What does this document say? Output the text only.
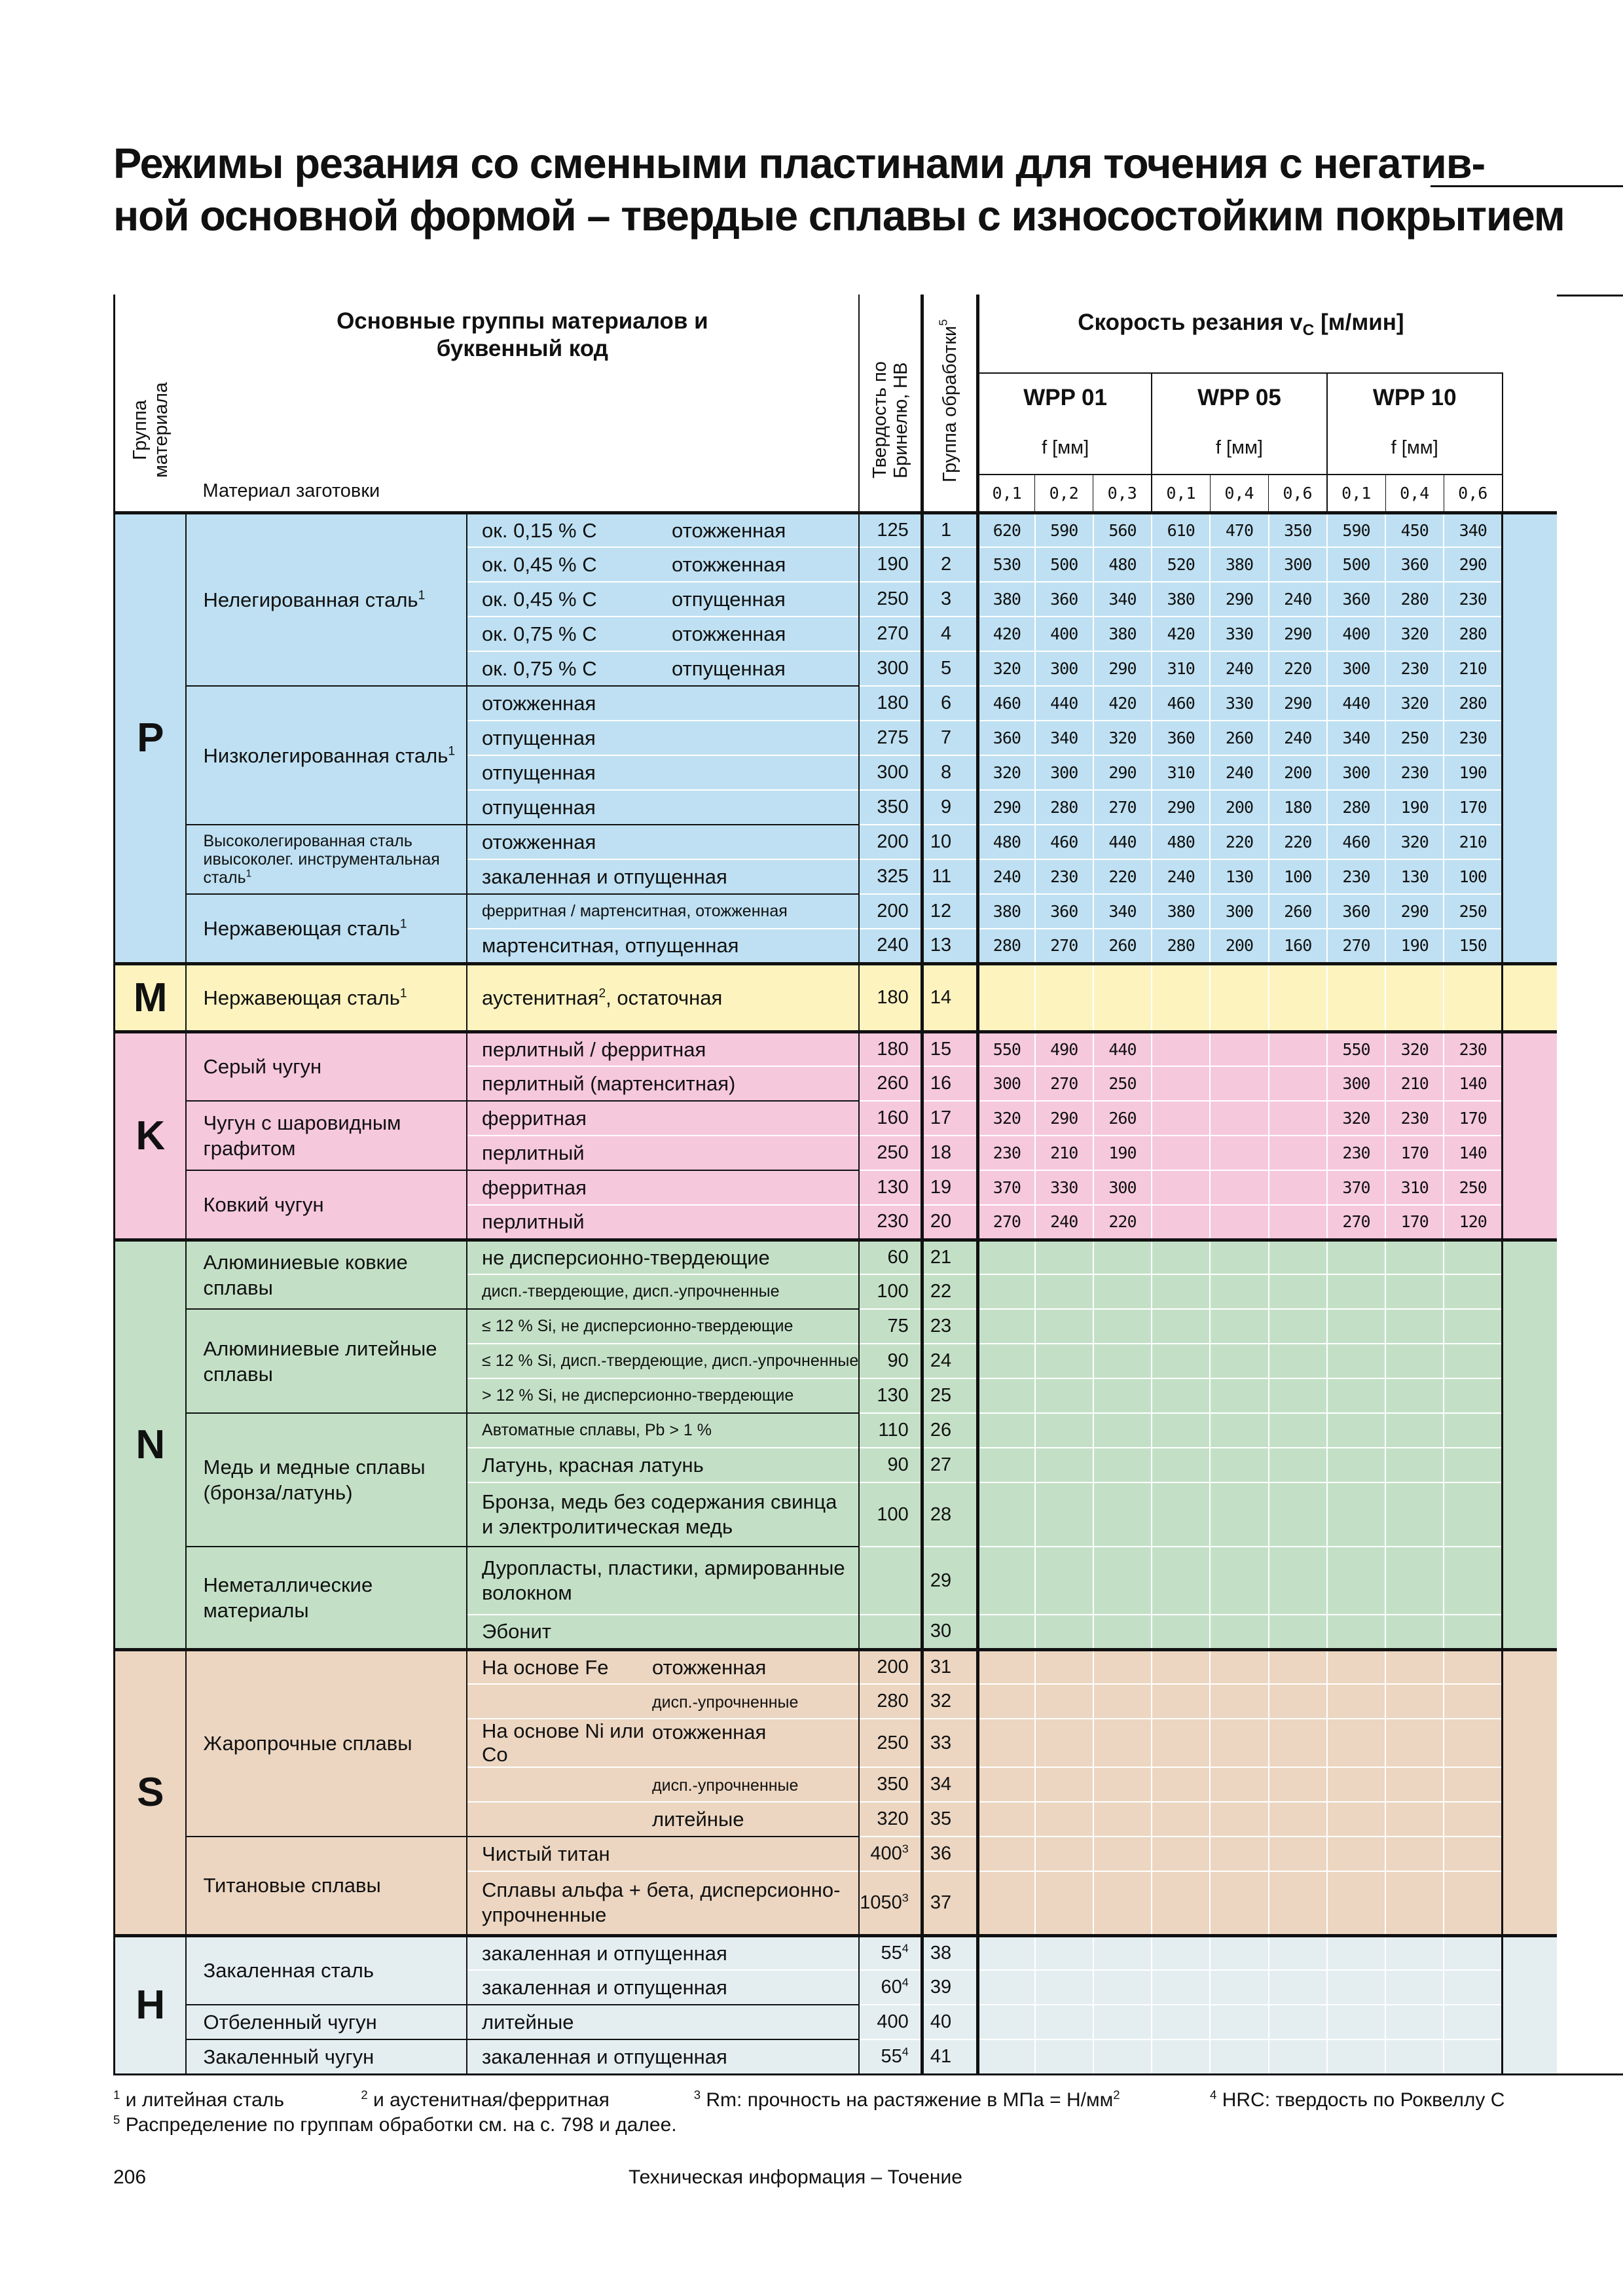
Режимы резания со сменными пластинами для точения с негатив-
ной основной формой – твердые сплавы с износостойким покрытием
Группа материала	Основные группы материалов и буквенный код		Твердость по Бринелю, HB	Группа обработки$^5$	Скорость резания $v_C$ [м/мин]									
	Материал заготовки				WPP 01			WPP 05			WPP 10			
					f [мм]			f [мм]			f [мм]			
					0,1	0,2	0,3	0,1	0,4	0,6	0,1	0,4	0,6	
P	Нелегированная сталь$^1$	ок. 0,15 % C отожженная	125	1	620	590	560	610	470	350	590	450	340	
		ок. 0,45 % C отожженная	190	2	530	500	480	520	380	300	500	360	290	
		ок. 0,45 % C отпущенная	250	3	380	360	340	380	290	240	360	280	230	
		ок. 0,75 % C отожженная	270	4	420	400	380	420	330	290	400	320	280	
		ок. 0,75 % C отпущенная	300	5	320	300	290	310	240	220	300	230	210	
	Низколегированная сталь$^1$	отожженная	180	6	460	440	420	460	330	290	440	320	280	
		отпущенная	275	7	360	340	320	360	260	240	340	250	230	
		отпущенная	300	8	320	300	290	310	240	200	300	230	190	
		отпущенная	350	9	290	280	270	290	200	180	280	190	170	
	Высоколегированная сталь ивысоколег. инструментальная сталь$^1$	отожженная	200	10	480	460	440	480	220	220	460	320	210	
		закаленная и отпущенная	325	11	240	230	220	240	130	100	230	130	100	
	Нержавеющая сталь$^1$	ферритная / мартенситная, отожженная	200	12	380	360	340	380	300	260	360	290	250	
		мартенситная, отпущенная	240	13	280	270	260	280	200	160	270	190	150	
M	Нержавеющая сталь$^1$	аустенитная$^2$, остаточная	180	14										
K	Серый чугун	перлитный / ферритная	180	15	550	490	440				550	320	230	
		перлитный (мартенситная)	260	16	300	270	250				300	210	140	
	Чугун с шаровидным графитом	ферритная	160	17	320	290	260				320	230	170	
		перлитный	250	18	230	210	190				230	170	140	
	Ковкий чугун	ферритная	130	19	370	330	300				370	310	250	
		перлитный	230	20	270	240	220				270	170	120	
N	Алюминиевые ковкие сплавы	не дисперсионно-твердеющие	60	21										
		дисп.-твердеющие, дисп.-упрочненные	100	22										
	Алюминиевые литейные сплавы	≤ 12 % Si, не дисперсионно-твердеющие	75	23										
		≤ 12 % Si, дисп.-твердеющие, дисп.-упрочненные	90	24										
		> 12 % Si, не дисперсионно-твердеющие	130	25										
	Медь и медные сплавы (бронза/латунь)	Автоматные сплавы, Pb > 1 %	110	26										
		Латунь, красная латунь	90	27										
		Бронза, медь без содержания свинца и электролитическая медь	100	28										
	Неметаллические материалы	Дуропласты, пластики, армированные волокном		29										
		Эбонит		30										
S	Жаропрочные сплавы	На основе Fe отожженная	200	31										
		дисп.-упрочненные	280	32										
		На основе Ni или Coотожженная	250	33										
		дисп.-упрочненные	350	34										
		литейные	320	35										
	Титановые сплавы	Чистый титан	$400^3$	36										
		Сплавы альфа + бета, дисперсионно-упрочненные	1050$^3$	37										
H	Закаленная сталь	закаленная и отпущенная	$55^4$	38										
		закаленная и отпущенная	$60^4$	39										
	Отбеленный чугун	литейные	400	40										
	Закаленный чугун	закаленная и отпущенная	$55^4$	41										

$^1$ и литейная сталь	$^2$ и аустенитная/ферритная	$^3$ Rm: прочность на растяжение в МПа = $Н/мм^2$	$^4$ HRC: твердость по Роквеллу C
$^5$ Распределение по группам обработки см. на с. 798 и далее.
206	Техническая информация – Точение
